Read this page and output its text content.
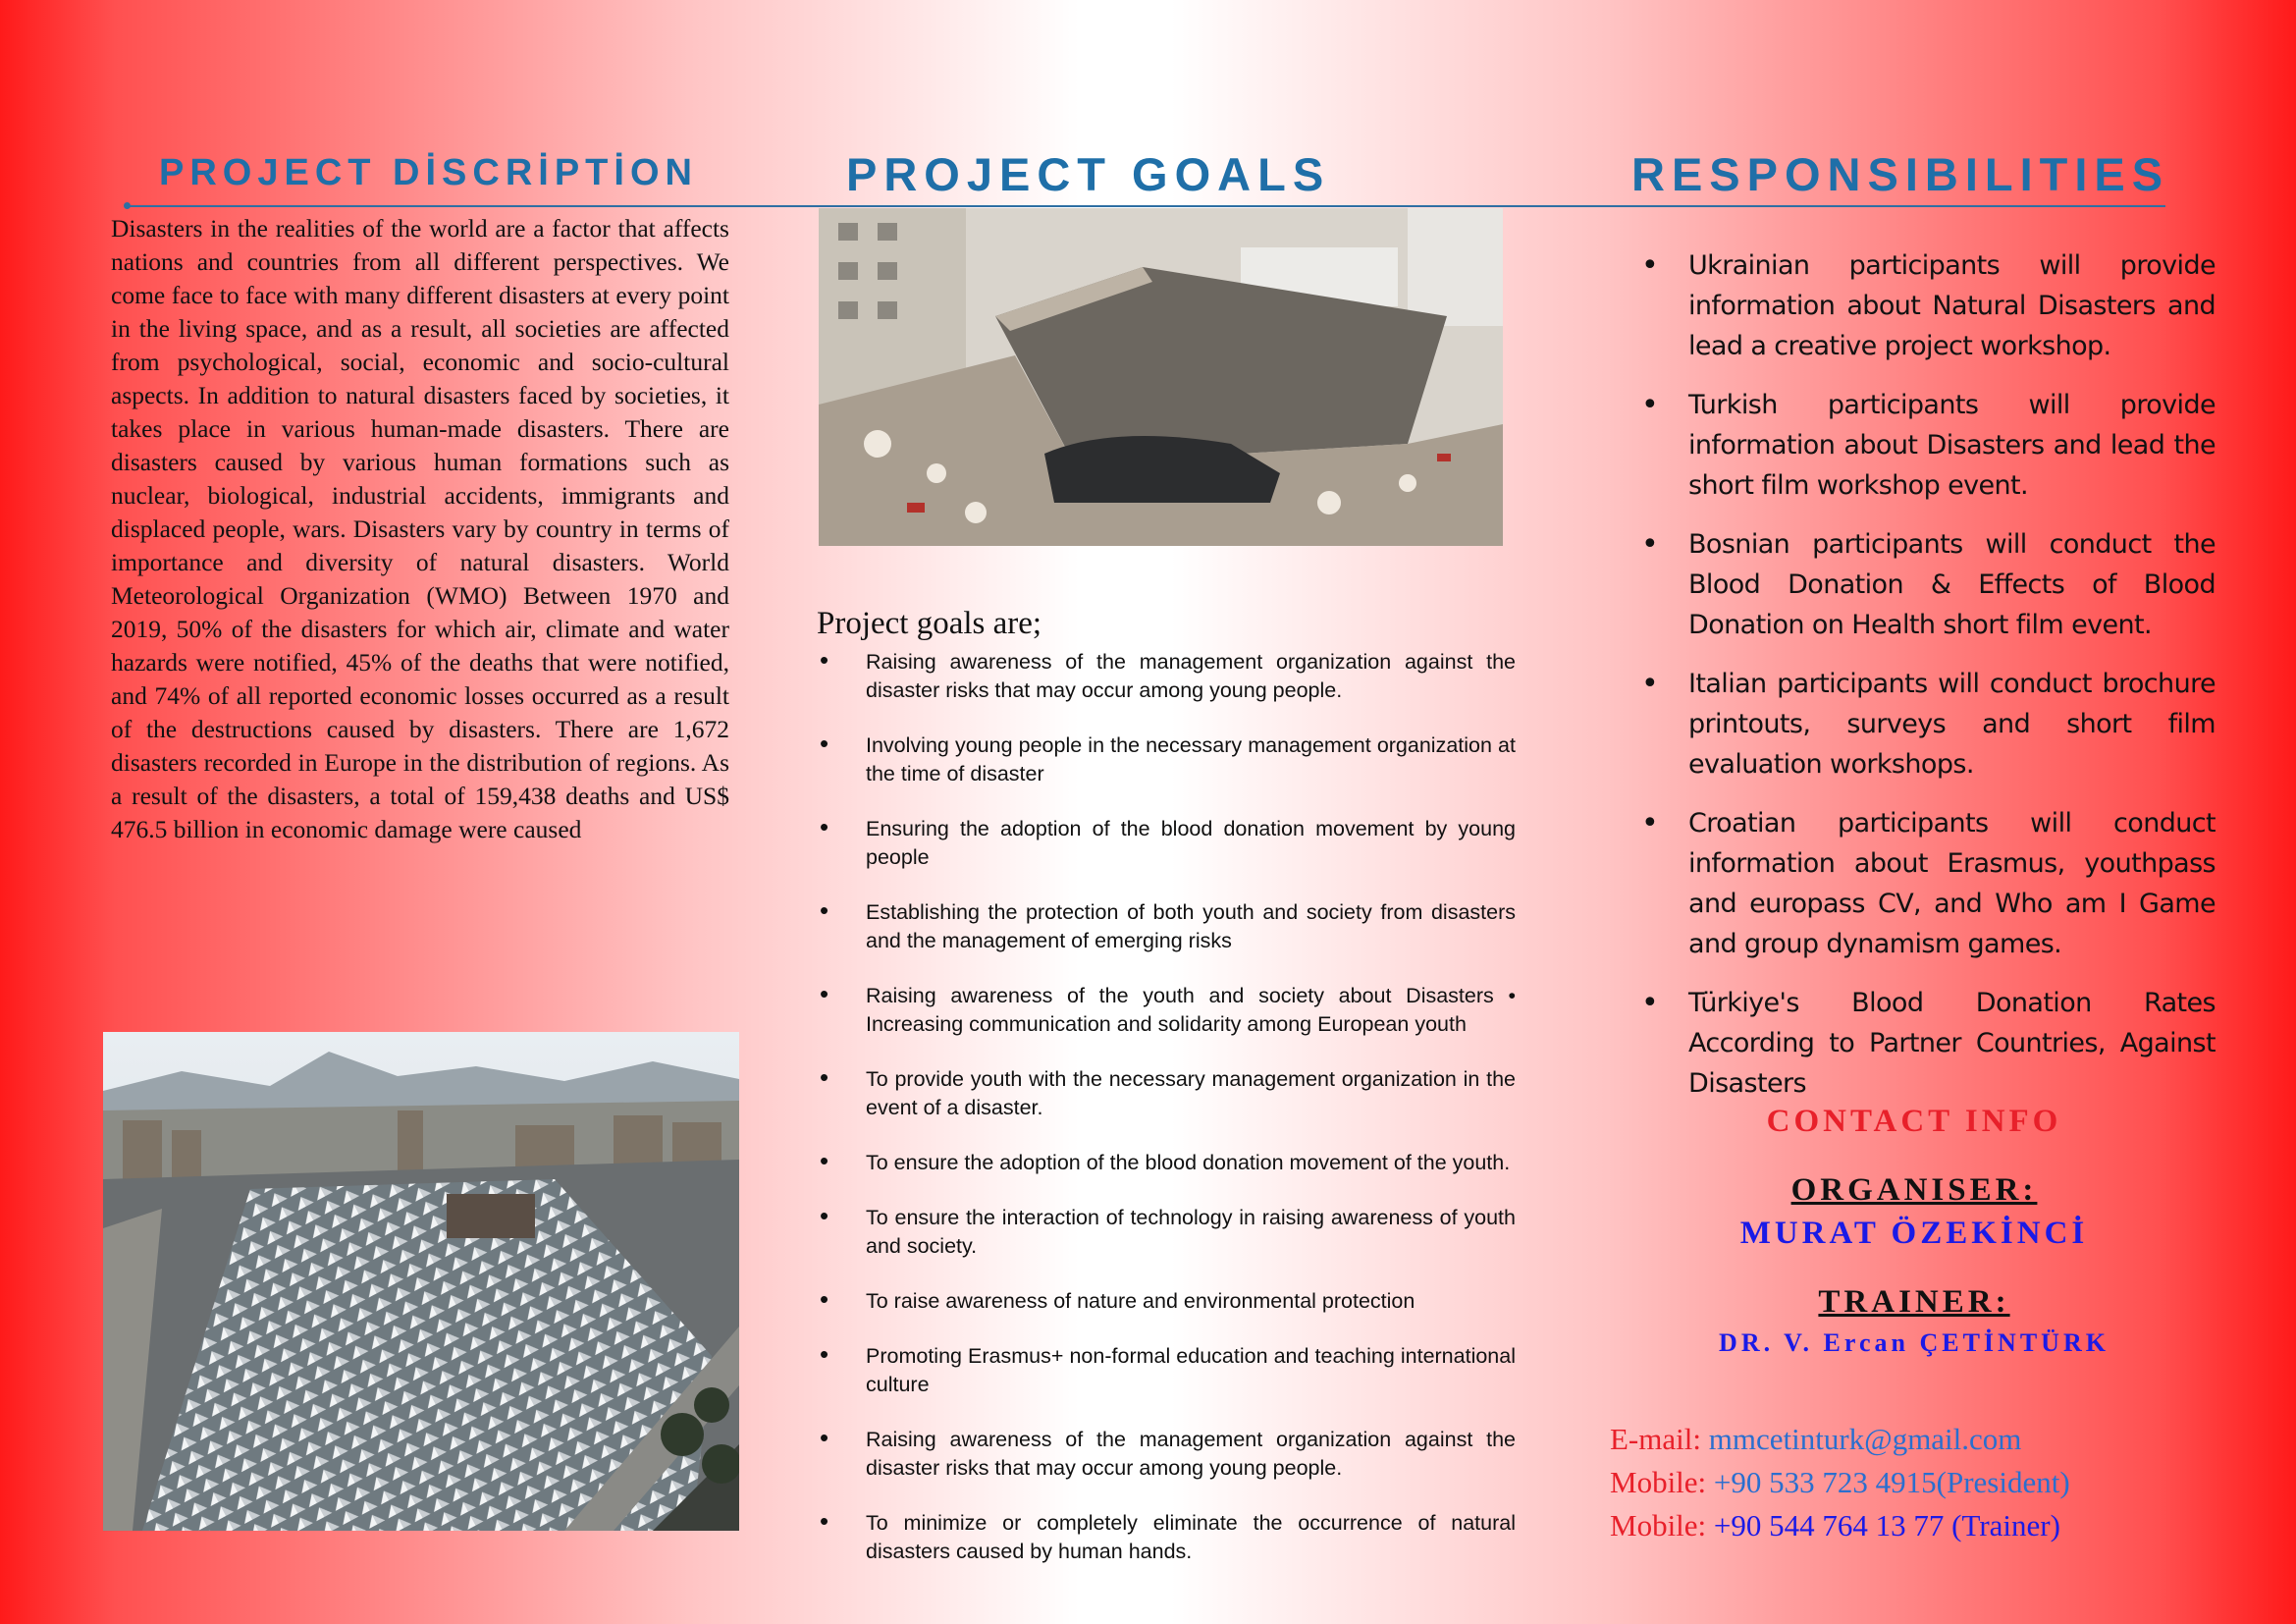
PROJECT DİSCRİPTİON	PROJECT GOALS	RESPONSIBILITIES
Disasters in the realities of the world are a factor that affects nations and countries from all different perspectives. We come face to face with many different disasters at every point in the living space, and as a result, all societies are affected from psychological, social, economic and socio-cultural aspects. In addition to natural disasters faced by societies, it takes place in various human-made disasters. There are disasters caused by various human formations such as nuclear, biological, industrial accidents, immigrants and displaced people, wars. Disasters vary by country in terms of importance and diversity of natural disasters. World Meteorological Organization (WMO) Between 1970 and 2019, 50% of the disasters for which air, climate and water hazards were notified, 45% of the deaths that were notified, and 74% of all reported economic losses occurred as a result of the destructions caused by disasters. There are 1,672 disasters recorded in Europe in the distribution of regions. As a result of the disasters, a total of 159,438 deaths and US$ 476.5 billion in economic damage were caused
Project goals are;
• Raising awareness of the management organization against the disaster risks that may occur among young people.
• Involving young people in the necessary management organization at the time of disaster
• Ensuring the adoption of the blood donation movement by young people
• Establishing the protection of both youth and society from disasters and the management of emerging risks
• Raising awareness of the youth and society about Disasters • Increasing communication and solidarity among European youth
• To provide youth with the necessary management organization in the event of a disaster.
• To ensure the adoption of the blood donation movement of the youth.
• To ensure the interaction of technology in raising awareness of youth and society.
• To raise awareness of nature and environmental protection
• Promoting Erasmus+ non-formal education and teaching international culture
• Raising awareness of the management organization against the disaster risks that may occur among young people.
• To minimize or completely eliminate the occurrence of natural disasters caused by human hands.
• Ukrainian participants will provide information about Natural Disasters and lead a creative project workshop.
• Turkish participants will provide information about Disasters and lead the short film workshop event.
• Bosnian participants will conduct the Blood Donation & Effects of Blood Donation on Health short film event.
• Italian participants will conduct brochure printouts, surveys and short film evaluation workshops.
• Croatian participants will conduct information about Erasmus, youthpass and europass CV, and Who am I Game and group dynamism games.
• Türkiye's Blood Donation Rates According to Partner Countries, Against Disasters
CONTACT INFO
ORGANISER:
MURAT ÖZEKİNCİ
TRAINER:
DR. V. Ercan ÇETİNTÜRK
E-mail: mmcetinturk@gmail.com
Mobile: +90 533 723 4915(President)
Mobile: +90 544 764 13 77 (Trainer)
